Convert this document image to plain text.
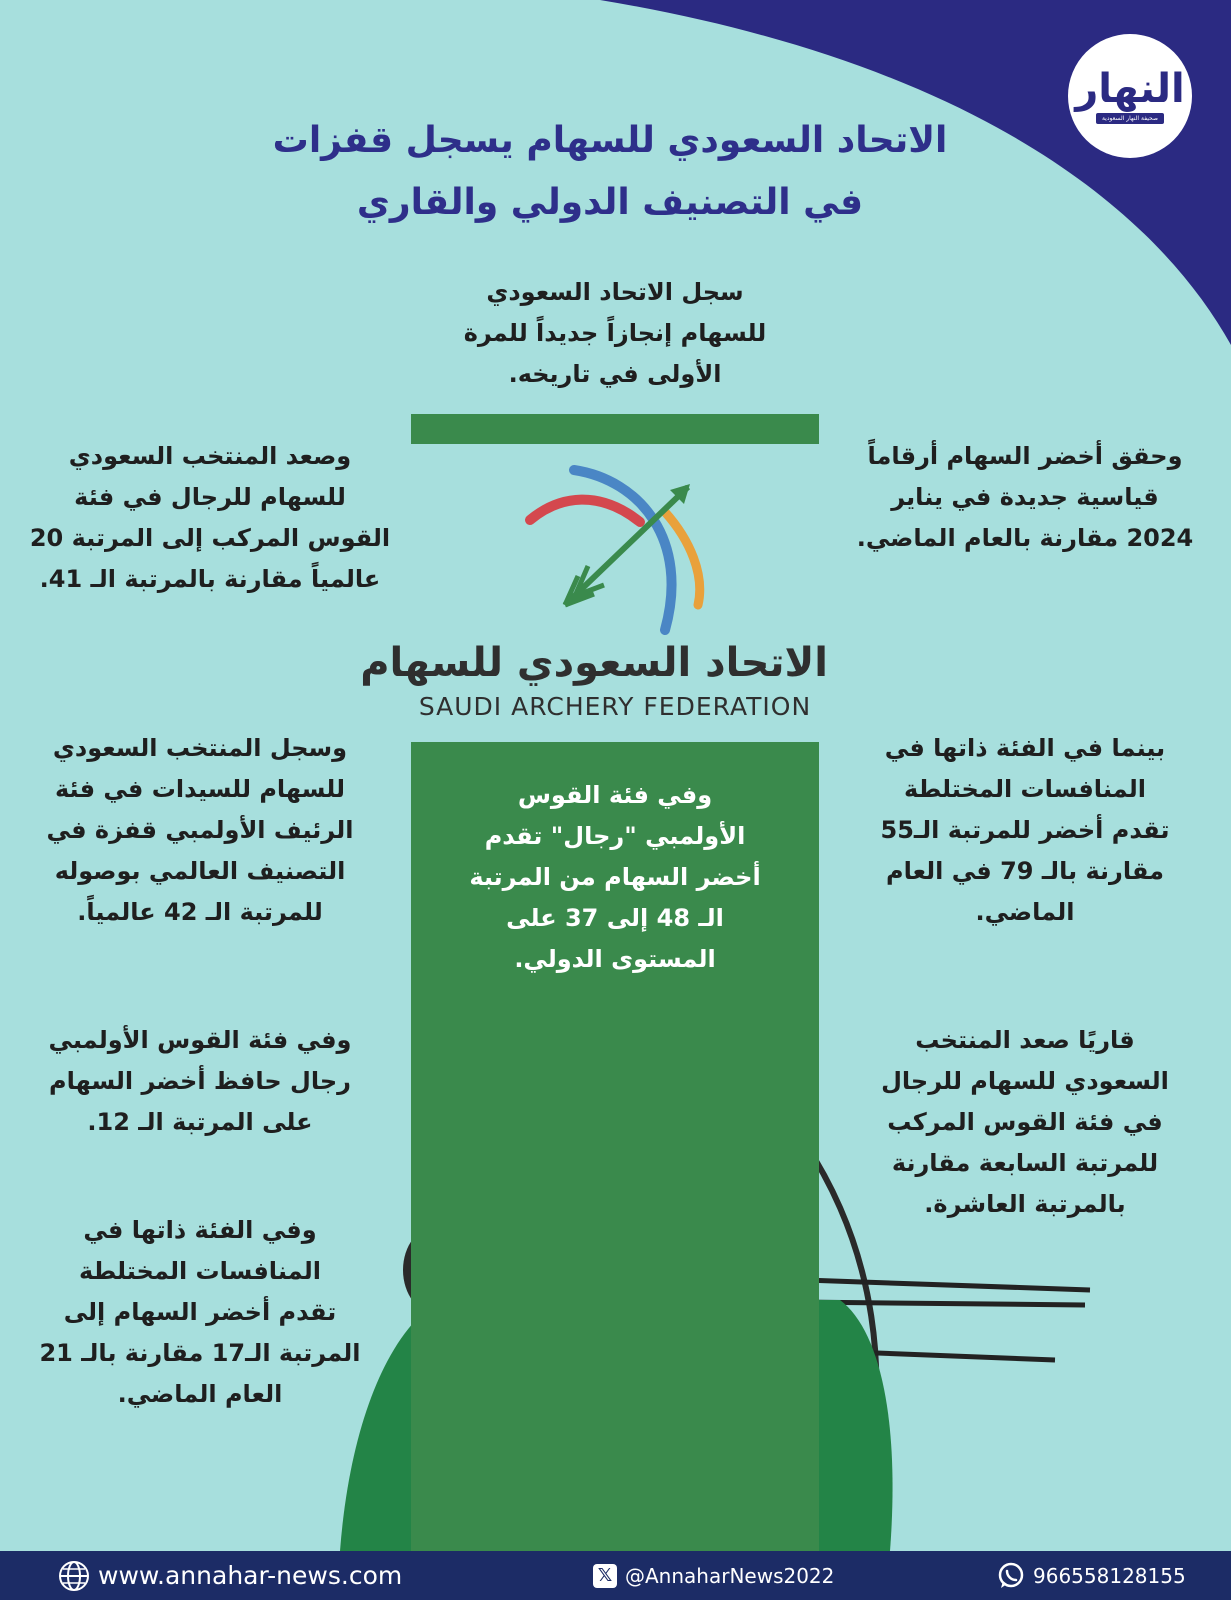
النهار
صحيفة النهار السعودية
الاتحاد السعودي للسهام يسجل قفزات
في التصنيف الدولي والقاري
سجل الاتحاد السعودي
للسهام إنجازاً جديداً للمرة
الأولى في تاريخه.
وصعد المنتخب السعودي
للسهام للرجال في فئة
القوس المركب إلى المرتبة 20
عالمياً مقارنة بالمرتبة الـ 41.
وحقق أخضر السهام أرقاماً
قياسية جديدة في يناير
2024 مقارنة بالعام الماضي.
الاتحاد السعودي للسهام
SAUDI ARCHERY FEDERATION
وفي فئة القوس
الأولمبي "رجال" تقدم
أخضر السهام من المرتبة
الـ 48 إلى 37 على
المستوى الدولي.
وسجل المنتخب السعودي
للسهام للسيدات في فئة
الرئيف الأولمبي قفزة في
التصنيف العالمي بوصوله
للمرتبة الـ 42 عالمياً.
بينما في الفئة ذاتها في
المنافسات المختلطة
تقدم أخضر للمرتبة الـ55
مقارنة بالـ 79 في العام
الماضي.
وفي فئة القوس الأولمبي
رجال حافظ أخضر السهام
على المرتبة الـ 12.
قاريًا صعد المنتخب
السعودي للسهام للرجال
في فئة القوس المركب
للمرتبة السابعة مقارنة
بالمرتبة العاشرة.
وفي الفئة ذاتها في
المنافسات المختلطة
تقدم أخضر السهام إلى
المرتبة الـ17 مقارنة بالـ 21
العام الماضي.
www.annahar-news.com	𝕏 @AnnaharNews2022	966558128155
